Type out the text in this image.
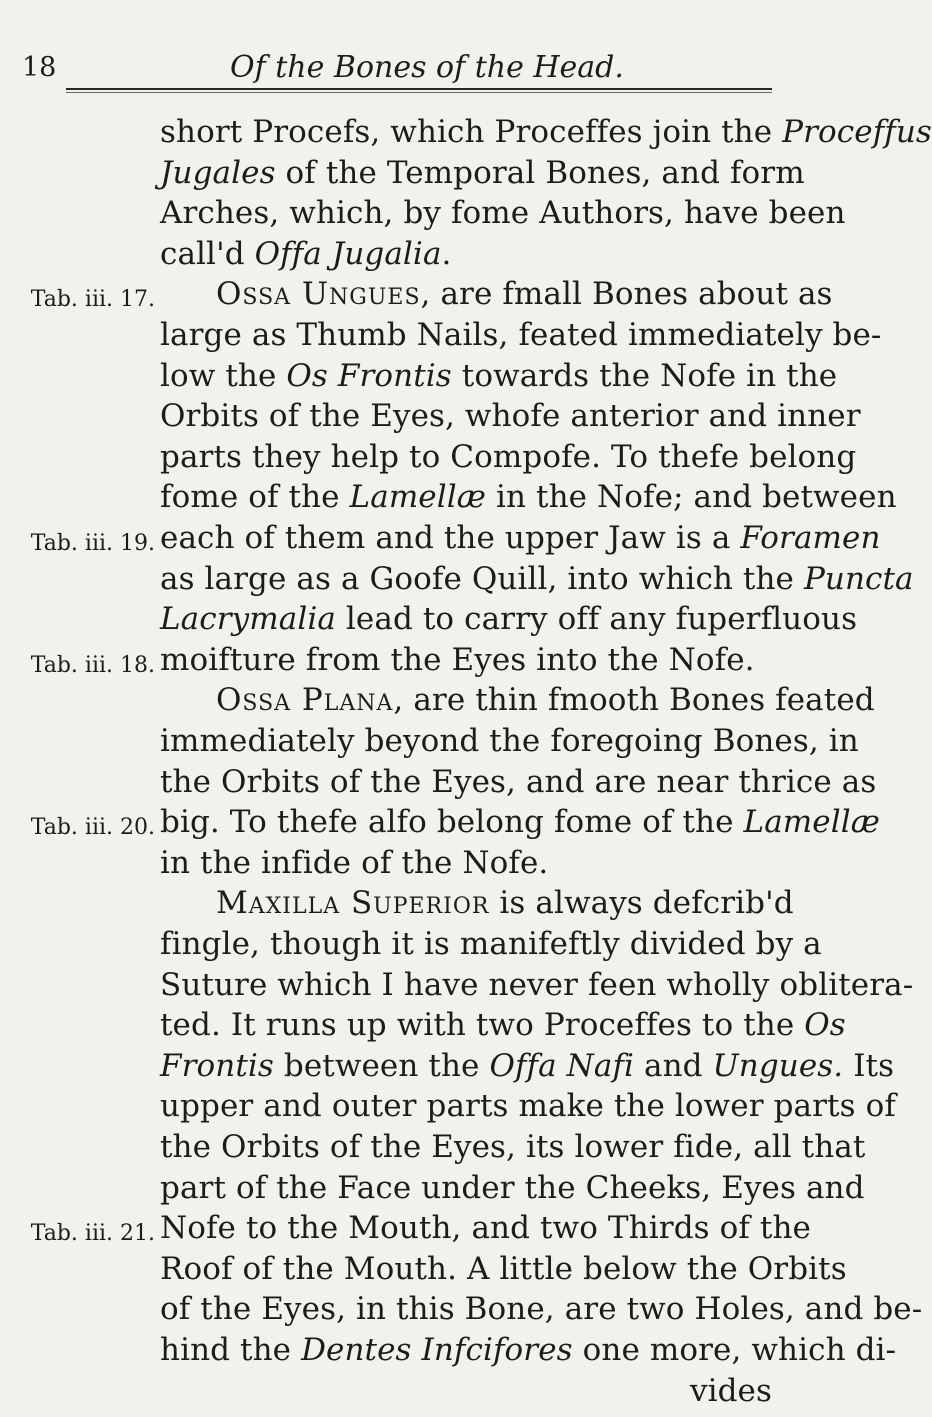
18	Of the Bones of the Head.
short Procefs, which Proceffes join the Proceffus
Jugales of the Temporal Bones, and form
Arches, which, by fome Authors, have been
call'd Offa Jugalia.
Ossa Ungues, are fmall Bones about as
large as Thumb Nails, feated immediately be-
low the Os Frontis towards the Nofe in the
Orbits of the Eyes, whofe anterior and inner
parts they help to Compofe. To thefe belong
fome of the Lamellæ in the Nofe; and between
each of them and the upper Jaw is a Foramen
as large as a Goofe Quill, into which the Puncta
Lacrymalia lead to carry off any fuperfluous
moifture from the Eyes into the Nofe.
Ossa Plana, are thin fmooth Bones feated
immediately beyond the foregoing Bones, in
the Orbits of the Eyes, and are near thrice as
big. To thefe alfo belong fome of the Lamellæ
in the infide of the Nofe.
Maxilla Superior is always defcrib'd
fingle, though it is manifeftly divided by a
Suture which I have never feen wholly oblitera-
ted. It runs up with two Proceffes to the Os
Frontis between the Offa Nafi and Ungues. Its
upper and outer parts make the lower parts of
the Orbits of the Eyes, its lower fide, all that
part of the Face under the Cheeks, Eyes and
Nofe to the Mouth, and two Thirds of the
Roof of the Mouth. A little below the Orbits
of the Eyes, in this Bone, are two Holes, and be-
hind the Dentes Infcifores one more, which di-
vides
Tab. iii. 17.
Tab. iii. 19.
Tab. iii. 18.
Tab. iii. 20.
Tab. iii. 21.
